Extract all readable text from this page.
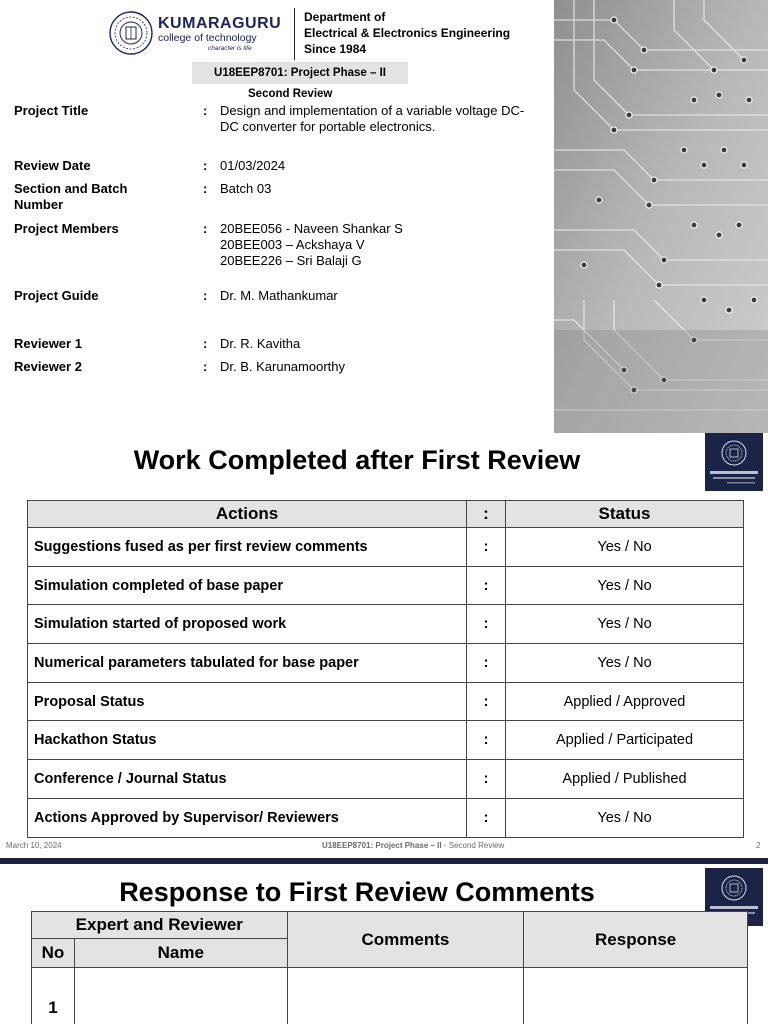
KUMARAGURU
college of technology
character is life
Department of
Electrical & Electronics Engineering
Since 1984
U18EEP8701: Project Phase – II
Second Review
Project Title	: Design and implementation of a variable voltage DC-DC converter for portable electronics.
Review Date	: 01/03/2024
Section and Batch Number
: Batch 03
Project Members	: 20BEE056 - Naveen Shankar S
20BEE003 – Ackshaya V
20BEE226 – Sri Balaji G
Project Guide	: Dr. M. Mathankumar
Reviewer 1	: Dr. R. Kavitha
Reviewer 2	: Dr. B. Karunamoorthy
Work Completed after First Review
Actions	:	Status
Suggestions fused as per first review comments	:	Yes / No
Simulation completed of base paper	:	Yes / No
Simulation started of proposed work	:	Yes / No
Numerical parameters tabulated for base paper	:	Yes / No
Proposal Status	:	Applied / Approved
Hackathon Status	:	Applied / Participated
Conference / Journal Status	:	Applied / Published
Actions Approved by Supervisor/ Reviewers	:	Yes / No
March 10, 2024	U18EEP8701: Project Phase – II - Second Review	2
Response to First Review Comments
Expert and Reviewer		Comments	Response
No	Name		
1			
